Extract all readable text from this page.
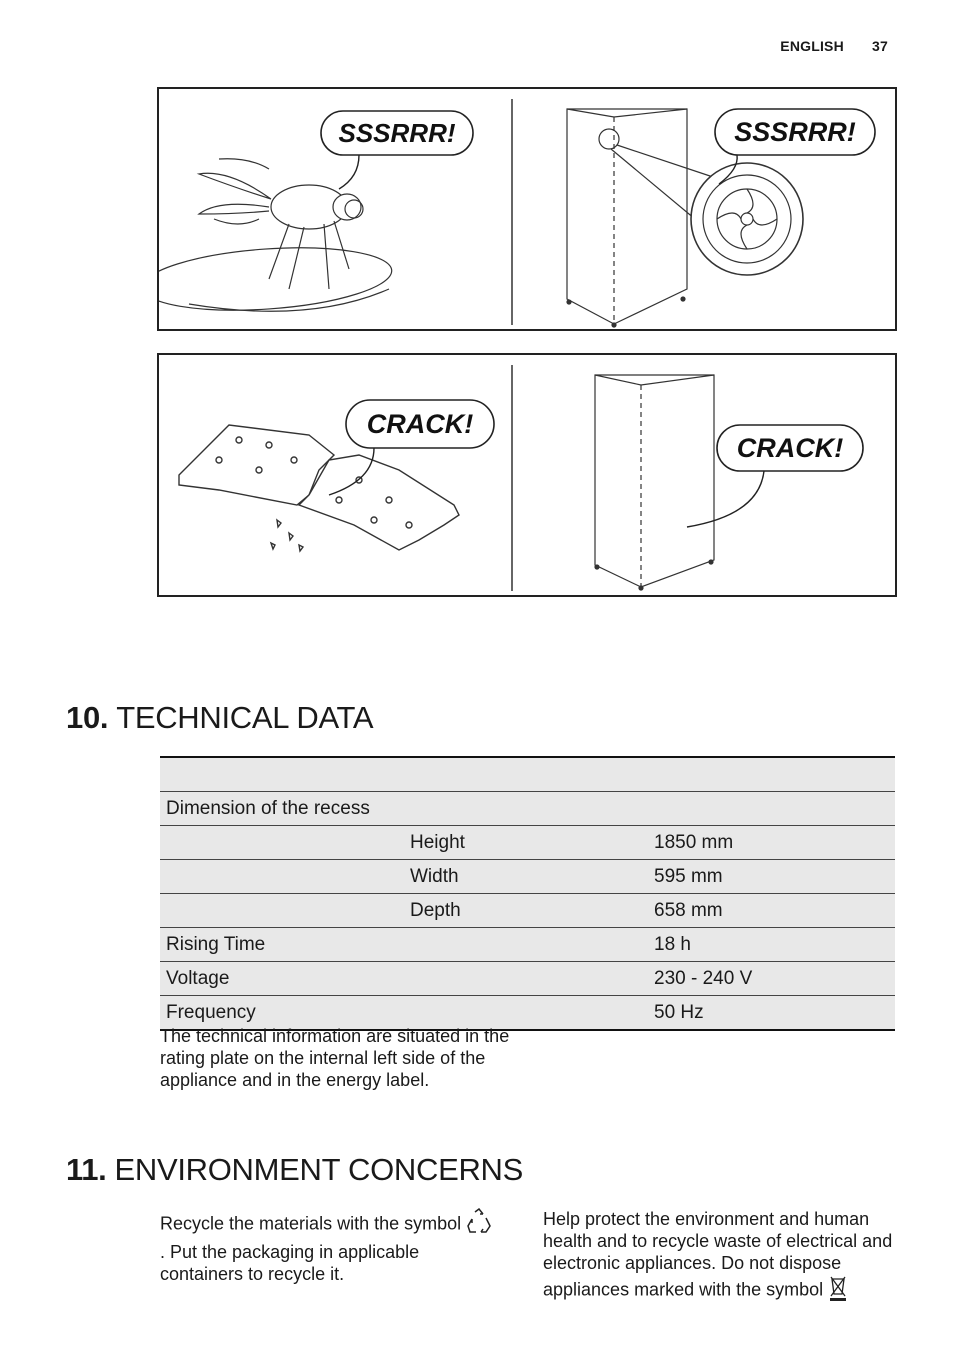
ENGLISH 37
SSSRRR!	SSSRRR!
CRACK!
CRACK!
10. TECHNICAL DATA

Dimension of the recess		
	Height	1850 mm
	Width	595 mm
	Depth	658 mm
Rising Time		18 h
Voltage		230 - 240 V
Frequency		50 Hz
The technical information are situated in the rating plate on the internal left side of the appliance and in the energy label.
11. ENVIRONMENT CONCERNS
Recycle the materials with the symbol  . Put the packaging in applicable containers to recycle it.
Help protect the environment and human health and to recycle waste of electrical and electronic appliances. Do not dispose appliances marked with the symbol
